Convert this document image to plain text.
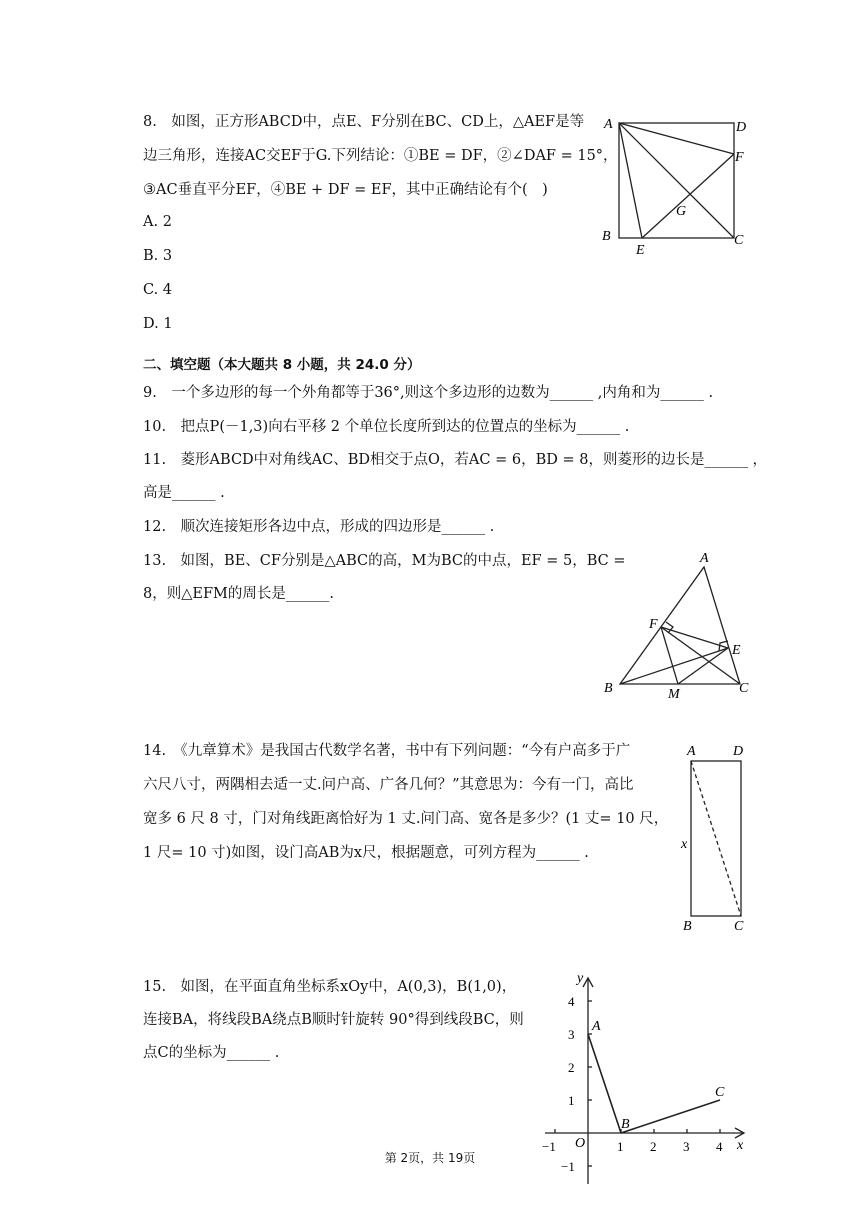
8.　如图，正方形ABCD中，点E、F分别在BC、CD上，△AEF是等
边三角形，连接AC交EF于G.下列结论：①BE = DF，②∠DAF = 15°，
③AC垂直平分EF，④BE + DF = EF，其中正确结论有个(　)
A. 2
B. 3
C. 4
D. 1
A	D
F
G
B
E
C
二、填空题（本大题共 8 小题，共 24.0 分）
9.　一个多边形的每一个外角都等于36°,则这个多边形的边数为______ ,内角和为______ .
10.　把点P(－1,3)向右平移 2 个单位长度所到达的位置点的坐标为______ .
11.　菱形ABCD中对角线AC、BD相交于点O，若AC = 6，BD = 8，则菱形的边长是______ ，
高是______ .
12.　顺次连接矩形各边中点，形成的四边形是______ .
13.　如图，BE、CF分别是△ABC的高，M为BC的中点，EF = 5，BC =
8，则△EFM的周长是______.
A
F
E
B	M	C
14.　《九章算术》是我国古代数学名著，书中有下列问题：“今有户高多于广
六尺八寸，两隅相去适一丈.问户高、广各几何？”其意思为：今有一门，高比
宽多 6 尺 8 寸，门对角线距离恰好为 1 丈.问门高、宽各是多少？(1 丈= 10 尺，
1 尺= 10 寸)如图，设门高AB为x尺，根据题意，可列方程为______ .
A	D
x
B	C
15.　如图，在平面直角坐标系xOy中，A(0,3)，B(1,0)，
连接BA，将线段BA绕点B顺时针旋转 90°得到线段BC，则
点C的坐标为______ .
y
x
O
A
B
C
4
3
2
1
−1
−1	1 2 3 4
第 2页，共 19页
